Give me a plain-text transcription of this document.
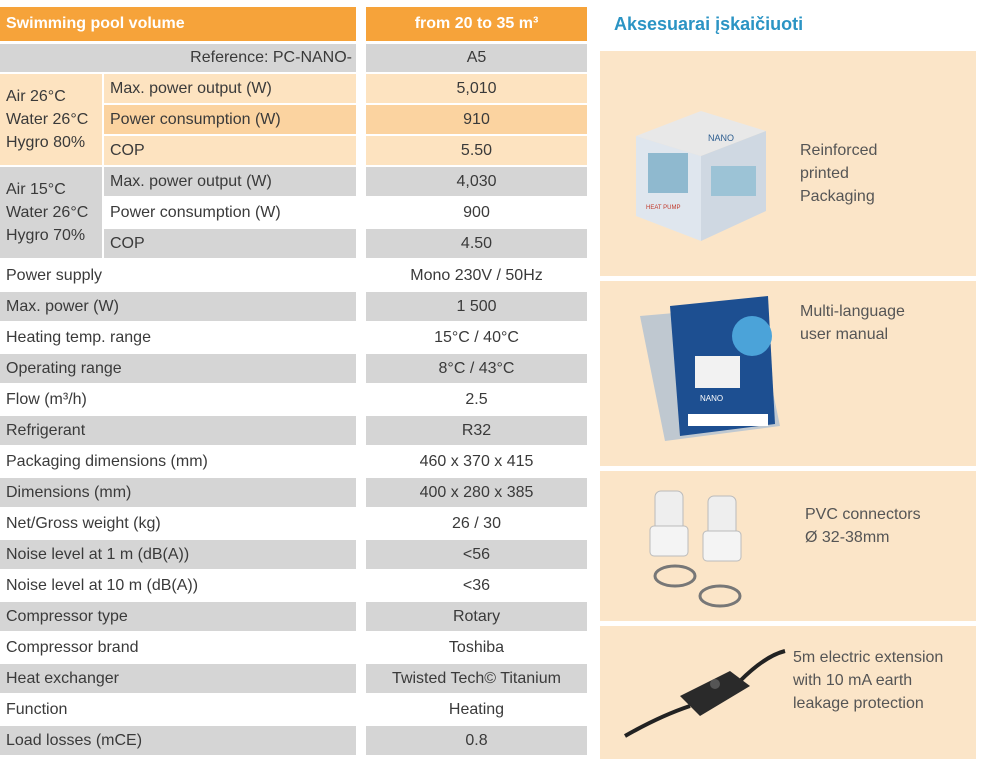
Swimming pool volume	from 20 to 35 m³
Reference: PC-NANO-	A5
Air 26°C
Water 26°C
Hygro 80%
Max. power output (W)	5,010
Power consumption (W)	910
COP	5.50
Air 15°C
Water 26°C
Hygro 70%
Max. power output (W)	4,030
Power consumption (W)	900
COP	4.50
Power supply	Mono 230V / 50Hz
Max. power (W)	1 500
Heating temp. range	15°C / 40°C
Operating range	8°C / 43°C
Flow (m³/h)	2.5
Refrigerant	R32
Packaging dimensions (mm)	460 x 370 x 415
Dimensions (mm)	400 x 280 x 385
Net/Gross weight (kg)	26 / 30
Noise level at 1 m (dB(A))	<56
Noise level at 10 m (dB(A))	<36
Compressor type	Rotary
Compressor brand	Toshiba
Heat exchanger	Twisted Tech© Titanium
Function	Heating
Load losses (mCE)	0.8
Aksesuarai įskaičiuoti
NANO
HEAT PUMP
Reinforced
printed
Packaging
NANO
Multi-language
user manual
PVC connectors
Ø 32-38mm
5m electric extension
with 10 mA earth
leakage protection
